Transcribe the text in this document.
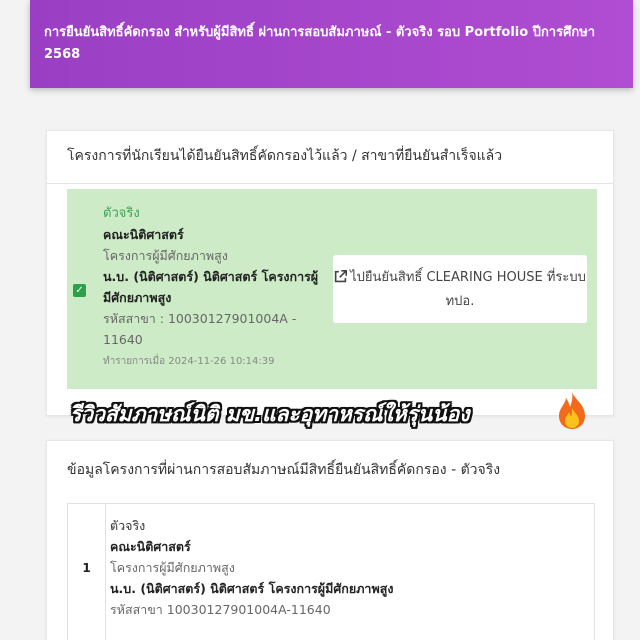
การยืนยันสิทธิ์คัดกรอง สำหรับผู้มีสิทธิ์ ผ่านการสอบสัมภาษณ์ - ตัวจริง รอบ Portfolio ปีการศึกษา 2568
โครงการที่นักเรียนได้ยืนยันสิทธิ์คัดกรองไว้แล้ว / สาขาที่ยืนยันสำเร็จแล้ว
✓
ตัวจริง
คณะนิติศาสตร์
โครงการผู้มีศักยภาพสูง
น.บ. (นิติศาสตร์) นิติศาสตร์ โครงการผู้มีศักยภาพสูง
รหัสสาขา : 10030127901004A - 11640
ทำรายการเมื่อ 2024-11-26 10:14:39
ไปยืนยันสิทธิ์ CLEARING HOUSE ที่ระบบ ทปอ.
ข้อมูลโครงการที่ผ่านการสอบสัมภาษณ์มีสิทธิ์ยืนยันสิทธิ์คัดกรอง - ตัวจริง
1
ตัวจริง
คณะนิติศาสตร์
โครงการผู้มีศักยภาพสูง
น.บ. (นิติศาสตร์) นิติศาสตร์ โครงการผู้มีศักยภาพสูง
รหัสสาขา 10030127901004A-11640
รีวิวสัมภาษณ์นิติ มข.และอุทาหรณ์ให้รุ่นน้อง
